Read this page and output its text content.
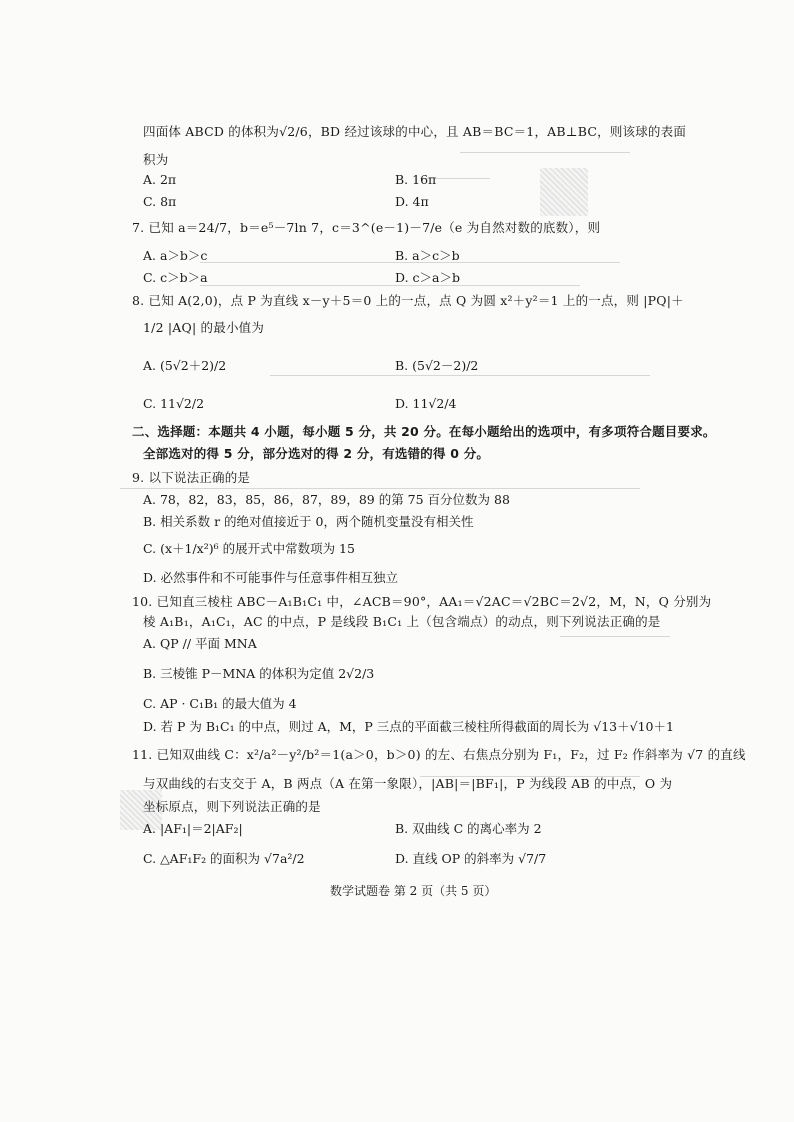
四面体 ABCD 的体积为√2/6，BD 经过该球的中心，且 AB＝BC＝1，AB⊥BC，则该球的表面
积为
A. 2π	B. 16π
C. 8π	D. 4π
7. 已知 a＝24/7，b＝e⁵－7ln 7，c＝3^(e－1)－7/e（e 为自然对数的底数），则
A. a＞b＞c	B. a＞c＞b
C. c＞b＞a	D. c＞a＞b
8. 已知 A(2,0)，点 P 为直线 x－y＋5＝0 上的一点，点 Q 为圆 x²＋y²＝1 上的一点，则 |PQ|＋
1/2 |AQ| 的最小值为
A. (5√2＋2)/2	B. (5√2－2)/2
C. 11√2/2	D. 11√2/4
二、选择题：本题共 4 小题，每小题 5 分，共 20 分。在每小题给出的选项中，有多项符合题目要求。
全部选对的得 5 分，部分选对的得 2 分，有选错的得 0 分。
9. 以下说法正确的是
A. 78，82，83，85，86，87，89，89 的第 75 百分位数为 88
B. 相关系数 r 的绝对值接近于 0，两个随机变量没有相关性
C. (x＋1/x²)⁶ 的展开式中常数项为 15
D. 必然事件和不可能事件与任意事件相互独立
10. 已知直三棱柱 ABC－A₁B₁C₁ 中，∠ACB＝90°，AA₁＝√2AC＝√2BC＝2√2，M，N，Q 分别为
棱 A₁B₁，A₁C₁，AC 的中点，P 是线段 B₁C₁ 上（包含端点）的动点，则下列说法正确的是
A. QP // 平面 MNA
B. 三棱锥 P－MNA 的体积为定值 2√2/3
C. AP · C₁B₁ 的最大值为 4
D. 若 P 为 B₁C₁ 的中点，则过 A，M，P 三点的平面截三棱柱所得截面的周长为 √13＋√10＋1
11. 已知双曲线 C：x²/a²－y²/b²＝1(a＞0，b＞0) 的左、右焦点分别为 F₁，F₂，过 F₂ 作斜率为 √7 的直线
与双曲线的右支交于 A，B 两点（A 在第一象限），|AB|＝|BF₁|，P 为线段 AB 的中点，O 为
坐标原点，则下列说法正确的是
A. |AF₁|＝2|AF₂|	B. 双曲线 C 的离心率为 2
C. △AF₁F₂ 的面积为 √7a²/2	D. 直线 OP 的斜率为 √7/7
数学试题卷 第 2 页（共 5 页）
